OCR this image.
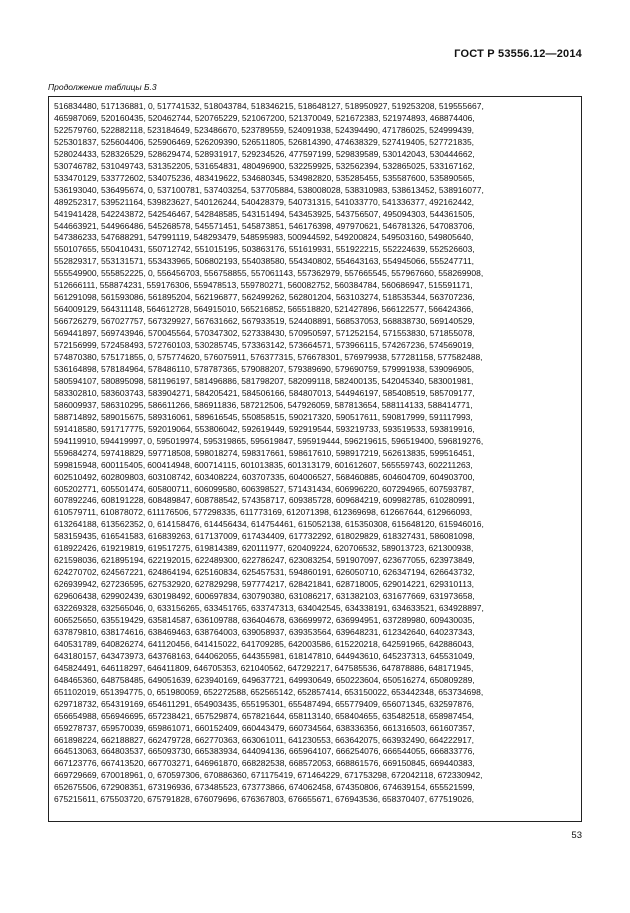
ГОСТ Р 53556.12—2014
Продолжение таблицы Б.3

516834480, 517136881, 0, 517741532, 518043784, 518346215, 518648127, 518950927, 519253208, 519555667,
465987069, 520160435, 520462744, 520765229, 521067200, 521370049, 521672383, 521974893, 468874406,
522579760, 522882118, 523184649, 523486670, 523789559, 524091938, 524394490, 471786025, 524999439,
525301837, 525604406, 525906469, 526209390, 526511805, 526814390, 474638329, 527419405, 527721835,
528024433, 528326529, 528629474, 528931917, 529234526, 477597199, 529839589, 530142043, 530444662,
530746782, 531049743, 531352205, 531654831, 480496900, 532259925, 532562394, 532865025, 533167162,
533470129, 533772602, 534075236, 483419622, 534680345, 534982820, 535285455, 535587600, 535890565,
536193040, 536495674, 0, 537100781, 537403254, 537705884, 538008028, 538310983, 538613452, 538916077,
489252317, 539521164, 539823627, 540126244, 540428379, 540731315, 541033770, 541336377, 492162442,
541941428, 542243872, 542546467, 542848585, 543151494, 543453925, 543756507, 495094303, 544361505,
544663921, 544966486, 545268578, 545571451, 545873851, 546176398, 497970621, 546781326, 547083706,
547386233, 547688291, 547991119, 548293479, 548595983, 500944592, 549200824, 549503160, 549805640,
550107655, 550410431, 550712742, 551015195, 503863176, 551619931, 551922215, 552224639, 552526603,
552829317, 553131571, 553433965, 506802193, 554038580, 554340802, 554643163, 554945066, 555247711,
555549900, 555852225, 0, 556456703, 556758855, 557061143, 557362979, 557665545, 557967660, 558269908,
512666111, 558874231, 559176306, 559478513, 559780271, 560082752, 560384784, 560686947, 515591171,
561291098, 561593086, 561895204, 562196877, 562499262, 562801204, 563103274, 518535344, 563707236,
564009129, 564311148, 564612728, 564915010, 565216852, 565518820, 521427896, 566122577, 566424366,
566726279, 567027757, 567329927, 567631662, 567933519, 524408891, 568537053, 568838730, 569140529,
569441897, 569743946, 570045564, 570347302, 527338430, 570950597, 571252154, 571553830, 571855078,
572156999, 572458493, 572760103, 530285745, 573363142, 573664571, 573966115, 574267236, 574569019,
574870380, 575171855, 0, 575774620, 576075911, 576377315, 576678301, 576979938, 577281158, 577582488,
536164898, 578184964, 578486110, 578787365, 579088207, 579389690, 579690759, 579991938, 539096905,
580594107, 580895098, 581196197, 581496886, 581798207, 582099118, 582400135, 542045340, 583001981,
583302810, 583603743, 583904271, 584205421, 584506166, 584807013, 544946197, 585408519, 585709177,
586009937, 586310295, 586611266, 586911836, 587212506, 547926059, 587813654, 588114133, 588414771,
588714892, 589015675, 589316061, 589616545, 550858515, 590217320, 590517611, 590817999, 591117993,
591418580, 591717775, 592019064, 553806042, 592619449, 592919544, 593219733, 593519533, 593819916,
594119910, 594419997, 0, 595019974, 595319865, 595619847, 595919444, 596219615, 596519400, 596819276,
559684274, 597418829, 597718508, 598018274, 598317661, 598617610, 598917219, 562613835, 599516451,
599815948, 600115405, 600414948, 600714115, 601013835, 601313179, 601612607, 565559743, 602211263,
602510492, 602809803, 603108742, 603408224, 603707335, 604006527, 568460885, 604604709, 604903700,
605202771, 605501474, 605800711, 606099580, 606398527, 571431434, 606996220, 607294965, 607593787,
607892246, 608191228, 608489847, 608788542, 574358717, 609385728, 609684219, 609982785, 610280991,
610579711, 610878072, 611176506, 577298335, 611773169, 612071398, 612369698, 612667644, 612966093,
613264188, 613562352, 0, 614158476, 614456434, 614754461, 615052138, 615350308, 615648120, 615946016,
583159435, 616541583, 616839263, 617137009, 617434409, 617732292, 618029829, 618327431, 586081098,
618922426, 619219819, 619517275, 619814389, 620111977, 620409224, 620706532, 589013723, 621300938,
621598036, 621895194, 622192015, 622489300, 622786247, 623083254, 591907097, 623677055, 623973849,
624270702, 624567221, 624864194, 625160834, 625457531, 594860191, 626050710, 626347194, 626643732,
626939942, 627236595, 627532920, 627829298, 597774217, 628421841, 628718005, 629014221, 629310113,
629606438, 629902439, 630198492, 600697834, 630790380, 631086217, 631382103, 631677669, 631973658,
632269328, 632565046, 0, 633156265, 633451765, 633747313, 634042545, 634338191, 634633521, 634928897,
606525650, 635519429, 635814587, 636109788, 636404678, 636699972, 636994951, 637289980, 609430035,
637879810, 638174616, 638469463, 638764003, 639058937, 639353564, 639648231, 612342640, 640237343,
640531789, 640826274, 641120456, 641415022, 641709285, 642003586, 615220218, 642591965, 642886043,
643180157, 643473973, 643768163, 644062055, 644355981, 618147810, 644943610, 645237313, 645531049,
645824491, 646118297, 646411809, 646705353, 621040562, 647292217, 647585536, 647878886, 648171945,
648465360, 648758485, 649051639, 623940169, 649637721, 649930649, 650223604, 650516274, 650809289,
651102019, 651394775, 0, 651980059, 652272588, 652565142, 652857414, 653150022, 653442348, 653734698,
629718732, 654319169, 654611291, 654903435, 655195301, 655487494, 655779409, 656071345, 632597876,
656654988, 656946695, 657238421, 657529874, 657821644, 658113140, 658404655, 635482518, 658987454,
659278737, 659570039, 659861071, 660152409, 660443479, 660734564, 638336356, 661316503, 661607357,
661898224, 662188827, 662479728, 662770363, 663061011, 641230553, 663642075, 663932490, 664222917,
664513063, 664803537, 665093730, 665383934, 644094136, 665964107, 666254076, 666544055, 666833776,
667123776, 667413520, 667703271, 646961870, 668282538, 668572053, 668861576, 669150845, 669440383,
669729669, 670018961, 0, 670597306, 670886360, 671175419, 671464229, 671753298, 672042118, 672330942,
652675506, 672908351, 673196936, 673485523, 673773866, 674062458, 674350806, 674639154, 655521599,
675215611, 675503720, 675791828, 676079696, 676367803, 676655671, 676943536, 658370407, 677519026,

53
